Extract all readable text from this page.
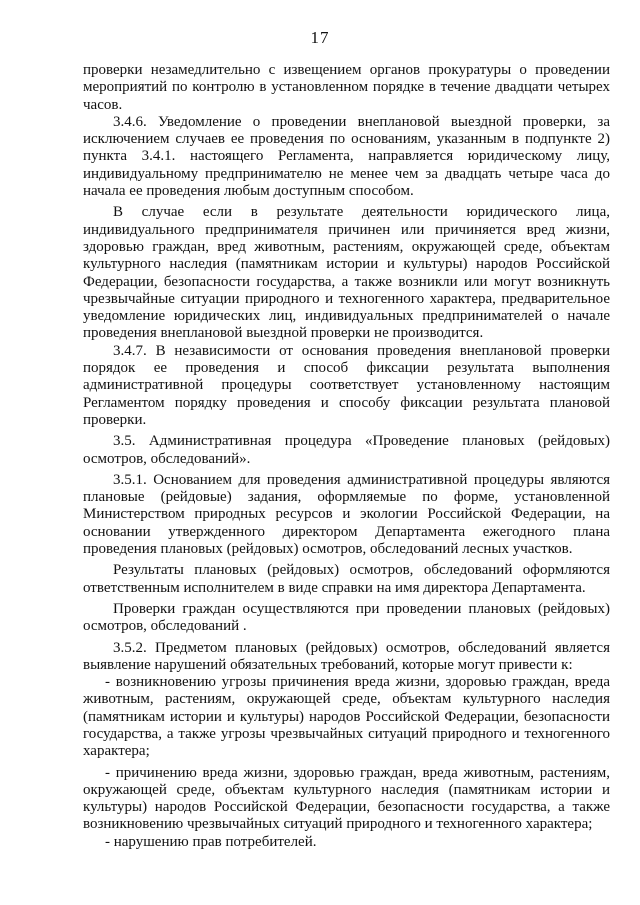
17

проверки незамедлительно с извещением органов прокуратуры о проведении мероприятий по контролю в установленном порядке в течение двадцати четырех часов.

3.4.6. Уведомление о проведении внеплановой выездной проверки, за исключением случаев ее проведения по основаниям, указанным в подпункте 2) пункта 3.4.1. настоящего Регламента, направляется юридическому лицу, индивидуальному предпринимателю не менее чем за двадцать четыре часа до начала ее проведения любым доступным способом.

В случае если в результате деятельности юридического лица, индивидуального предпринимателя причинен или причиняется вред жизни, здоровью граждан, вред животным, растениям, окружающей среде, объектам культурного наследия (памятникам истории и культуры) народов Российской Федерации, безопасности государства, а также возникли или могут возникнуть чрезвычайные ситуации природного и техногенного характера, предварительное уведомление юридических лиц, индивидуальных предпринимателей о начале проведения внеплановой выездной проверки не производится.

3.4.7. В независимости от основания проведения внеплановой проверки порядок ее проведения и способ фиксации результата выполнения административной процедуры соответствует установленному настоящим Регламентом порядку проведения и способу фиксации результата плановой проверки.

3.5. Административная процедура «Проведение плановых (рейдовых) осмотров, обследований».

3.5.1. Основанием для проведения административной процедуры являются плановые (рейдовые) задания, оформляемые по форме, установленной Министерством природных ресурсов и экологии Российской Федерации, на основании утвержденного директором Департамента ежегодного плана проведения плановых (рейдовых) осмотров, обследований лесных участков.

Результаты плановых (рейдовых) осмотров, обследований оформляются ответственным исполнителем в виде справки на имя директора Департамента.

Проверки граждан осуществляются при проведении плановых (рейдовых) осмотров, обследований .

3.5.2. Предметом плановых (рейдовых) осмотров, обследований является выявление нарушений обязательных требований, которые могут привести к:

- возникновению угрозы причинения вреда жизни, здоровью граждан, вреда животным, растениям, окружающей среде, объектам культурного наследия (памятникам истории и культуры) народов Российской Федерации, безопасности государства, а также угрозы чрезвычайных ситуаций природного и техногенного характера;

- причинению вреда жизни, здоровью граждан, вреда животным, растениям, окружающей среде, объектам культурного наследия (памятникам истории и культуры) народов Российской Федерации, безопасности государства, а также возникновению чрезвычайных ситуаций природного и техногенного характера;

- нарушению прав потребителей.
